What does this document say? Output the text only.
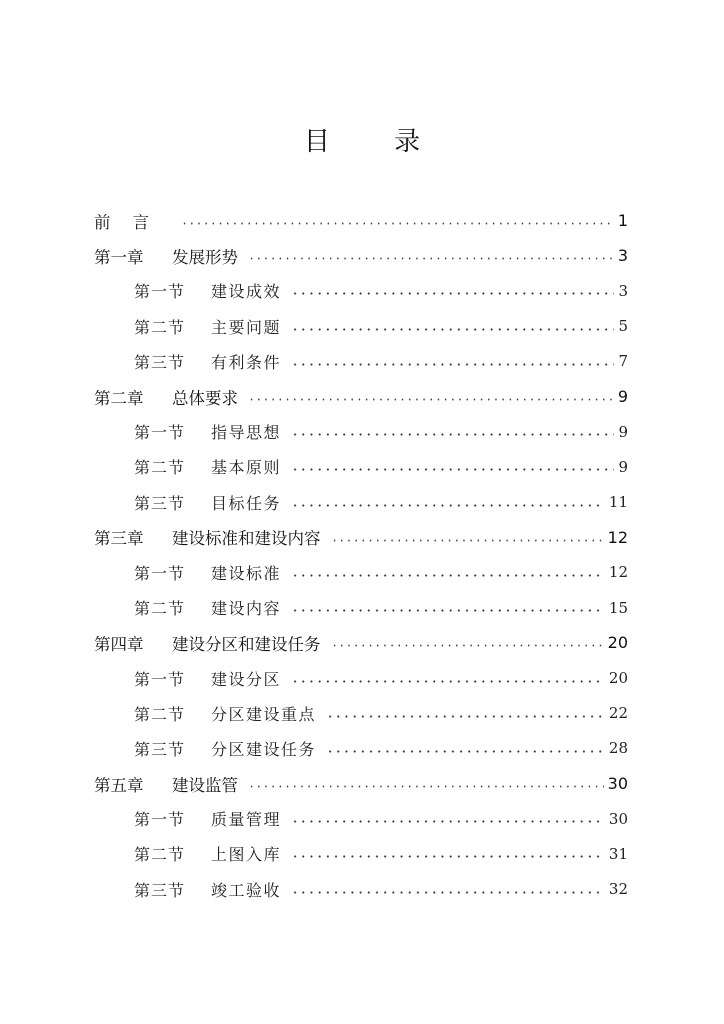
目 录
前言	1
第一章	发展形势	3
第一节	建设成效	3
第二节	主要问题	5
第三节	有利条件	7
第二章	总体要求	9
第一节	指导思想	9
第二节	基本原则	9
第三节	目标任务	11
第三章	建设标准和建设内容	12
第一节	建设标准	12
第二节	建设内容	15
第四章	建设分区和建设任务	20
第一节	建设分区	20
第二节	分区建设重点	22
第三节	分区建设任务	28
第五章	建设监管	30
第一节	质量管理	30
第二节	上图入库	31
第三节	竣工验收	32
